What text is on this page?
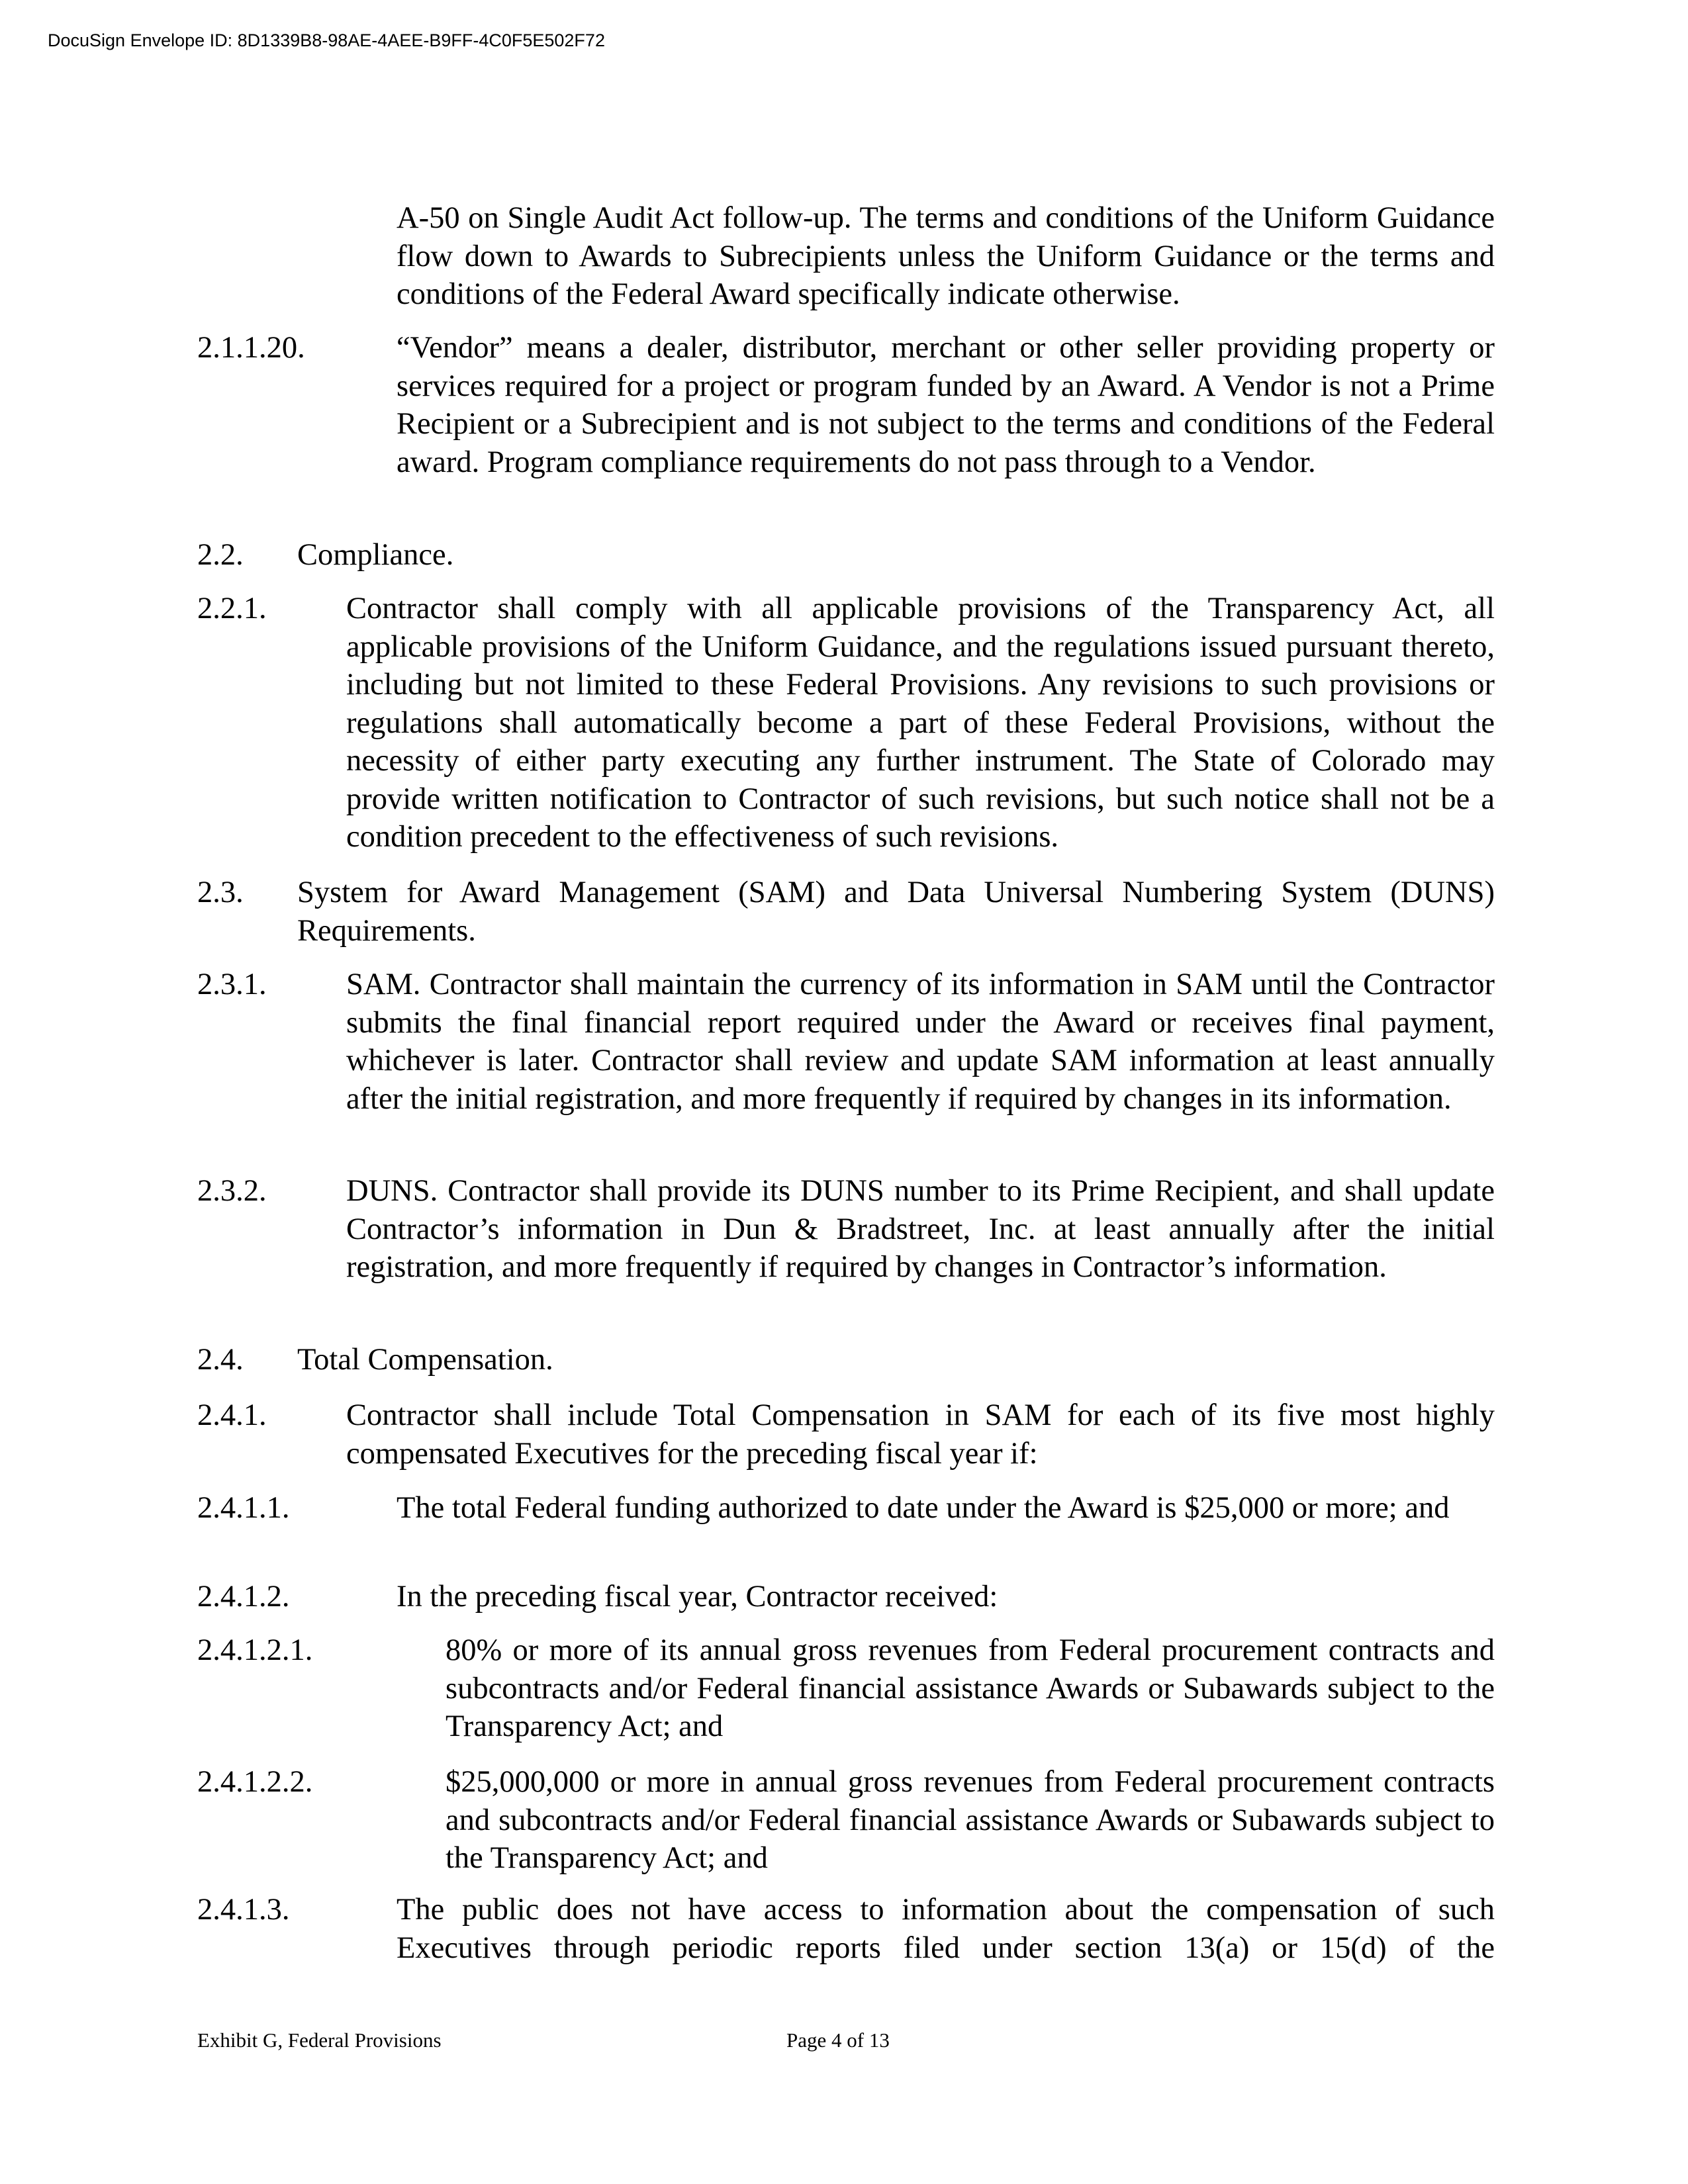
DocuSign Envelope ID: 8D1339B8-98AE-4AEE-B9FF-4C0F5E502F72
A-50 on Single Audit Act follow-up. The terms and conditions of the Uniform Guidance flow down to Awards to Subrecipients unless the Uniform Guidance or the terms and conditions of the Federal Award specifically indicate otherwise.
2.1.1.20.	“Vendor” means a dealer, distributor, merchant or other seller providing property or services required for a project or program funded by an Award. A Vendor is not a Prime Recipient or a Subrecipient and is not subject to the terms and conditions of the Federal award. Program compliance requirements do not pass through to a Vendor.
2.2. Compliance.
2.2.1.	Contractor shall comply with all applicable provisions of the Transparency Act, all applicable provisions of the Uniform Guidance, and the regulations issued pursuant thereto, including but not limited to these Federal Provisions. Any revisions to such provisions or regulations shall automatically become a part of these Federal Provisions, without the necessity of either party executing any further instrument. The State of Colorado may provide written notification to Contractor of such revisions, but such notice shall not be a condition precedent to the effectiveness of such revisions.
2.3. System for Award Management (SAM) and Data Universal Numbering System (DUNS) Requirements.
2.3.1.	SAM. Contractor shall maintain the currency of its information in SAM until the Contractor submits the final financial report required under the Award or receives final payment, whichever is later. Contractor shall review and update SAM information at least annually after the initial registration, and more frequently if required by changes in its information.
2.3.2.	DUNS. Contractor shall provide its DUNS number to its Prime Recipient, and shall update Contractor’s information in Dun & Bradstreet, Inc. at least annually after the initial registration, and more frequently if required by changes in Contractor’s information.
2.4. Total Compensation.
2.4.1.	Contractor shall include Total Compensation in SAM for each of its five most highly compensated Executives for the preceding fiscal year if:
2.4.1.1.	The total Federal funding authorized to date under the Award is $25,000 or more; and
2.4.1.2.	In the preceding fiscal year, Contractor received:
2.4.1.2.1.	80% or more of its annual gross revenues from Federal procurement contracts and subcontracts and/or Federal financial assistance Awards or Subawards subject to the Transparency Act; and
2.4.1.2.2.	$25,000,000 or more in annual gross revenues from Federal procurement contracts and subcontracts and/or Federal financial assistance Awards or Subawards subject to the Transparency Act; and
2.4.1.3.	The public does not have access to information about the compensation of such Executives through periodic reports filed under section 13(a) or 15(d) of the
Exhibit G, Federal Provisions	Page 4 of 13
